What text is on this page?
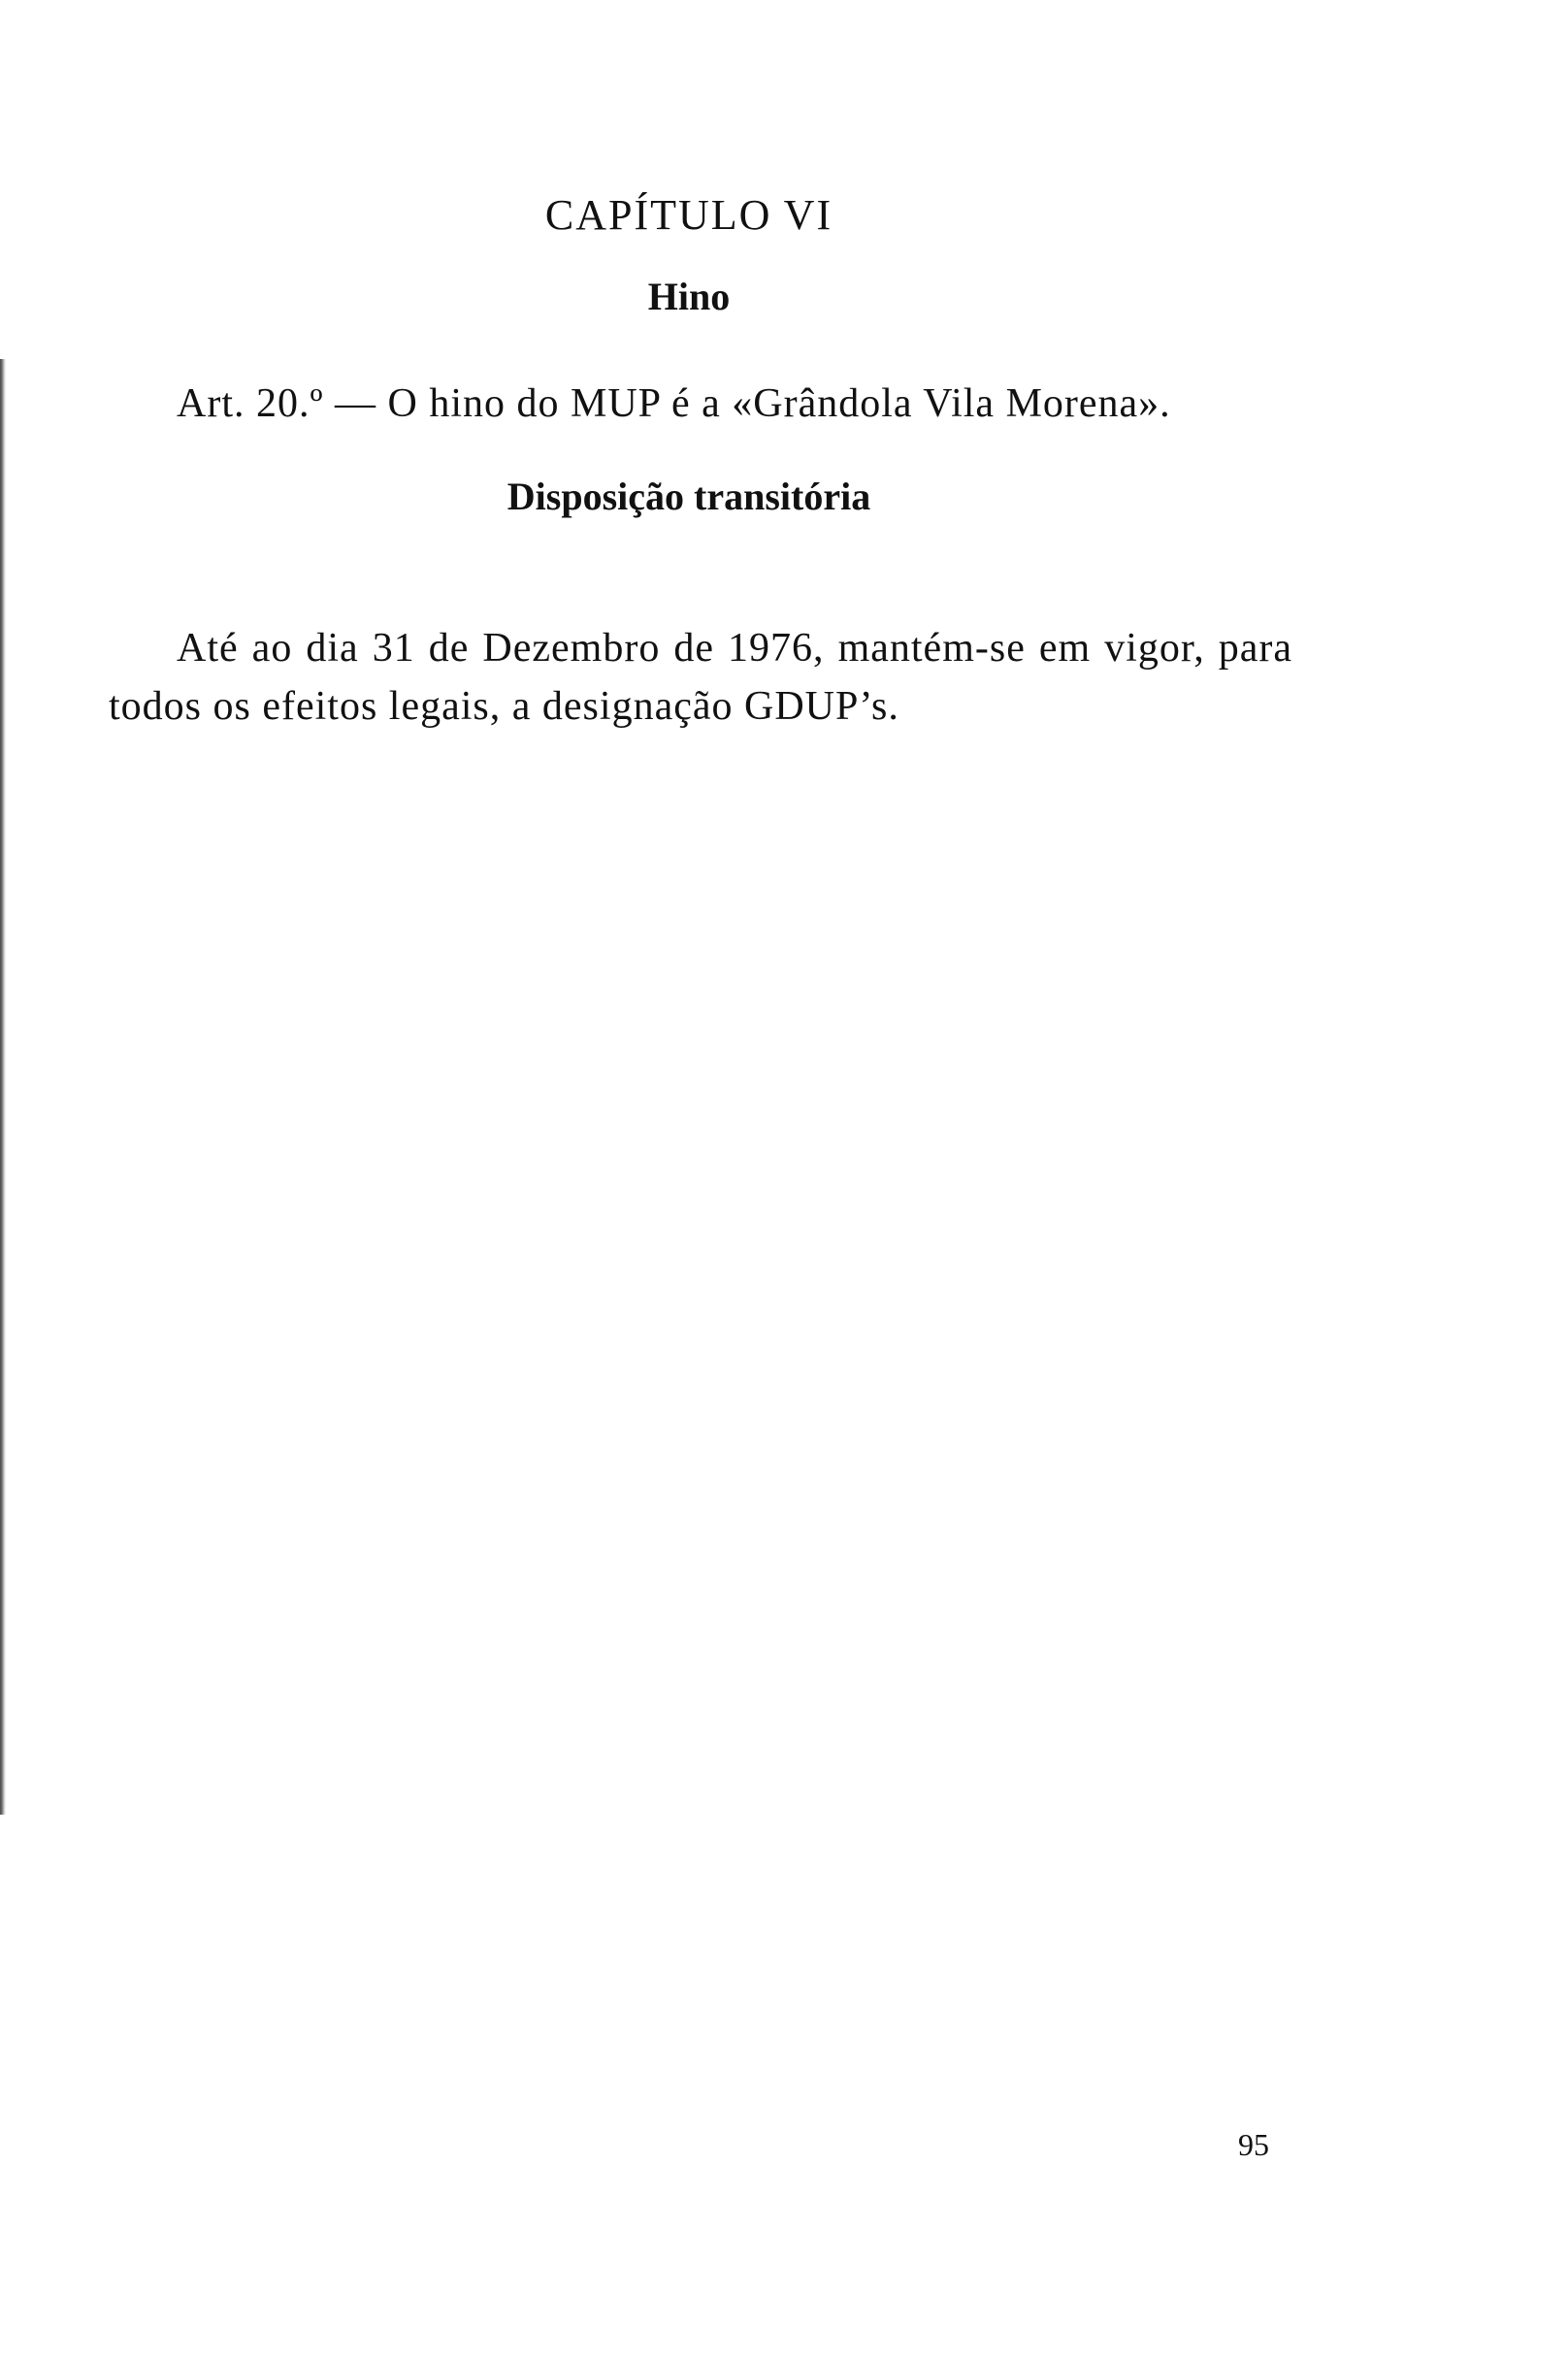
CAPÍTULO VI
Hino
Art. 20.º — O hino do MUP é a «Grândola Vila Morena».
Disposição transitória

Até ao dia 31 de Dezembro de 1976, mantém-se em vigor, para todos os efeitos legais, a designação GDUP’s.

95
